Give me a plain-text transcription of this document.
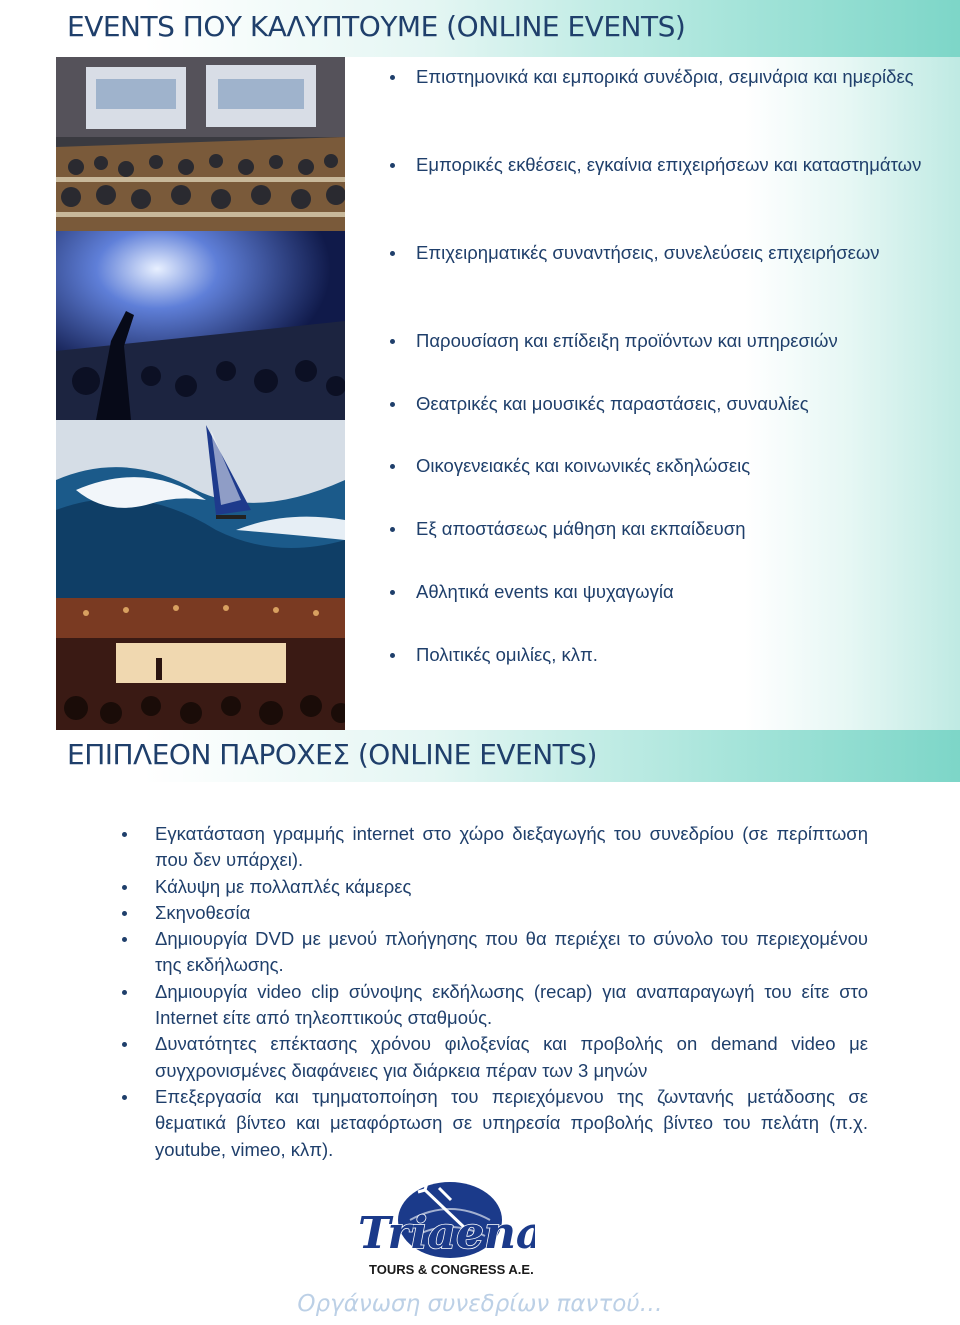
EVENTS ΠΟΥ ΚΑΛΥΠΤΟΥΜΕ (ONLINE EVENTS)
Επιστημονικά και εμπορικά συνέδρια, σεμινάρια και ημερίδες
Εμπορικές εκθέσεις, εγκαίνια επιχειρήσεων και καταστημάτων
Επιχειρηματικές συναντήσεις, συνελεύσεις επιχειρήσεων
Παρουσίαση και επίδειξη προϊόντων και υπηρεσιών
Θεατρικές και μουσικές παραστάσεις, συναυλίες
Οικογενειακές και κοινωνικές εκδηλώσεις
Εξ αποστάσεως μάθηση και εκπαίδευση
Αθλητικά events και ψυχαγωγία
Πολιτικές ομιλίες, κλπ.
ΕΠΙΠΛΕΟΝ ΠΑΡΟΧΕΣ (ONLINE EVENTS)
Εγκατάσταση γραμμής internet στο χώρο διεξαγωγής του συνεδρίου (σε περίπτωση που δεν υπάρχει).
Κάλυψη με πολλαπλές κάμερες
Σκηνοθεσία
Δημιουργία DVD με μενού πλοήγησης που θα περιέχει το σύνολο του περιεχομένου της εκδήλωσης.
Δημιουργία video clip σύνοψης εκδήλωσης (recap) για αναπαραγωγή του είτε στο Internet είτε από τηλεοπτικούς σταθμούς.
Δυνατότητες επέκτασης χρόνου φιλοξενίας και προβολής on demand video με συγχρονισμένες διαφάνειες για διάρκεια πέραν των 3 μηνών
Επεξεργασία και τμηματοποίηση του περιεχόμενου της ζωντανής μετάδοσης σε θεματικά βίντεο και μεταφόρτωση σε υπηρεσία προβολής βίντεο του πελάτη (π.χ. youtube, vimeo, κλπ).
Triaena
TOURS & CONGRESS A.E.
Οργάνωση συνεδρίων παντού…
